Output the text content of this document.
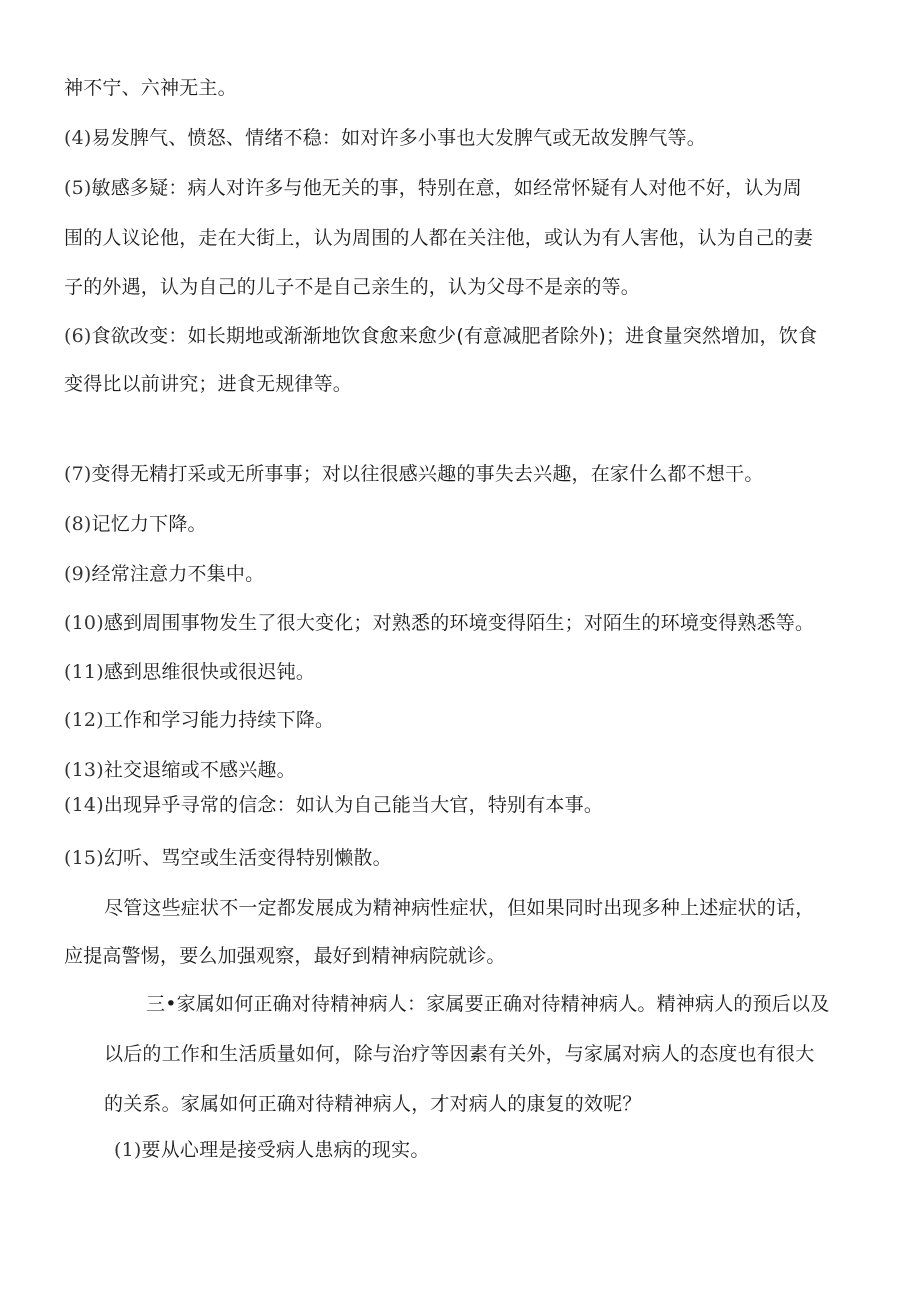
神不宁、六神无主。
(4)易发脾气、愤怒、情绪不稳：如对许多小事也大发脾气或无故发脾气等。
(5)敏感多疑：病人对许多与他无关的事，特别在意，如经常怀疑有人对他不好，认为周
围的人议论他，走在大街上，认为周围的人都在关注他，或认为有人害他，认为自己的妻
子的外遇，认为自己的儿子不是自己亲生的，认为父母不是亲的等。
(6)食欲改变：如长期地或渐渐地饮食愈来愈少(有意减肥者除外)；进食量突然增加，饮食
变得比以前讲究；进食无规律等。
(7)变得无精打采或无所事事；对以往很感兴趣的事失去兴趣，在家什么都不想干。
(8)记忆力下降。
(9)经常注意力不集中。
(10)感到周围事物发生了很大变化；对熟悉的环境变得陌生；对陌生的环境变得熟悉等。
(11)感到思维很快或很迟钝。
(12)工作和学习能力持续下降。
(13)社交退缩或不感兴趣。
(14)出现异乎寻常的信念：如认为自己能当大官，特别有本事。
(15)幻听、骂空或生活变得特别懒散。
尽管这些症状不一定都发展成为精神病性症状，但如果同时出现多种上述症状的话，
应提高警惕，要么加强观察，最好到精神病院就诊。
三•家属如何正确对待精神病人：家属要正确对待精神病人。精神病人的预后以及
以后的工作和生活质量如何，除与治疗等因素有关外，与家属对病人的态度也有很大
的关系。家属如何正确对待精神病人，才对病人的康复的效呢？
(1)要从心理是接受病人患病的现实。
